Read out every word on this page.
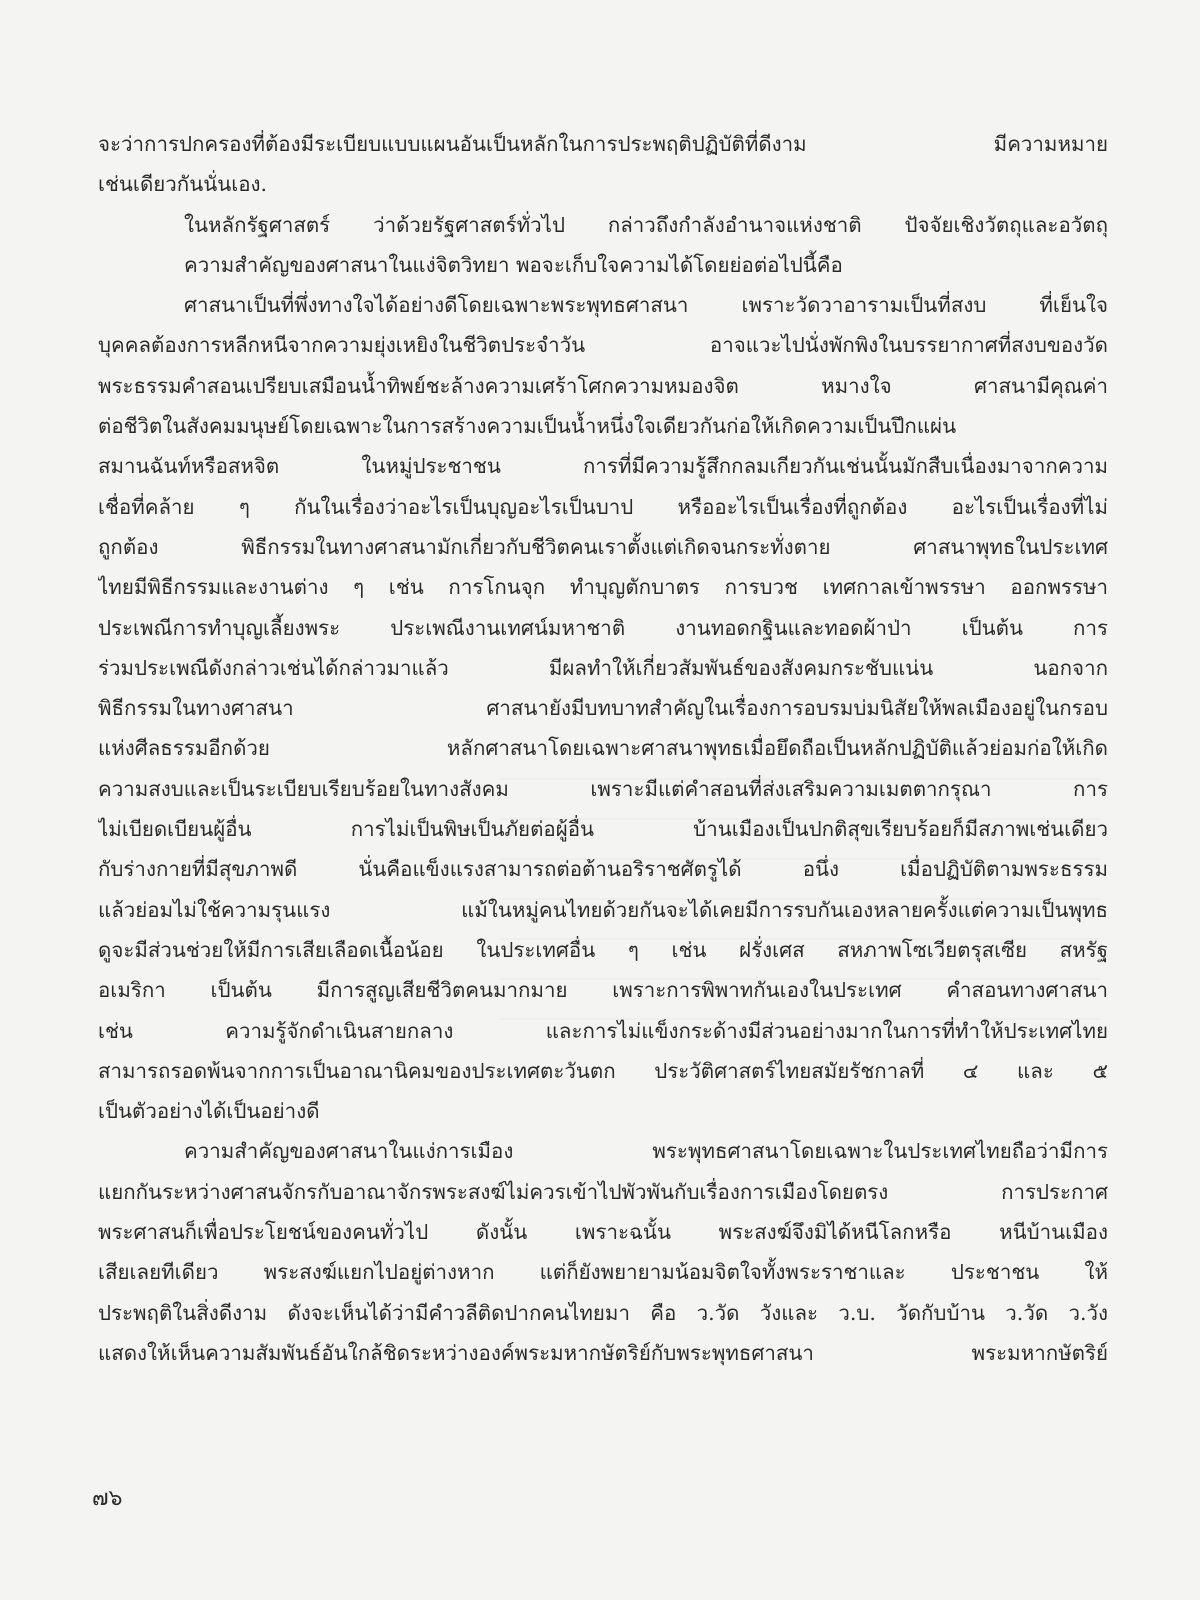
จะว่าการปกครองที่ต้องมีระเบียบแบบแผนอันเป็นหลักในการประพฤติปฏิบัติที่ดีงาม มีความหมาย
เช่นเดียวกันนั่นเอง.
ในหลักรัฐศาสตร์ ว่าด้วยรัฐศาสตร์ทั่วไป กล่าวถึงกำลังอำนาจแห่งชาติ ปัจจัยเชิงวัตถุและอวัตถุ
ความสำคัญของศาสนาในแง่จิตวิทยา พอจะเก็บใจความได้โดยย่อต่อไปนี้คือ
ศาสนาเป็นที่พึ่งทางใจได้อย่างดีโดยเฉพาะพระพุทธศาสนา เพราะวัดวาอารามเป็นที่สงบ ที่เย็นใจ
บุคคลต้องการหลีกหนีจากความยุ่งเหยิงในชีวิตประจำวัน อาจแวะไปนั่งพักพิงในบรรยากาศที่สงบของวัด
พระธรรมคำสอนเปรียบเสมือนน้ำทิพย์ชะล้างความเศร้าโศกความหมองจิต หมางใจ ศาสนามีคุณค่า
ต่อชีวิตในสังคมมนุษย์โดยเฉพาะในการสร้างความเป็นน้ำหนึ่งใจเดียวกันก่อให้เกิดความเป็นปึกแผ่น
สมานฉันท์หรือสหจิต ในหมู่ประชาชน การที่มีความรู้สึกกลมเกียวกันเช่นนั้นมักสืบเนื่องมาจากความ
เชื่อที่คล้าย ๆ กันในเรื่องว่าอะไรเป็นบุญอะไรเป็นบาป หรืออะไรเป็นเรื่องที่ถูกต้อง อะไรเป็นเรื่องที่ไม่
ถูกต้อง พิธีกรรมในทางศาสนามักเกี่ยวกับชีวิตคนเราตั้งแต่เกิดจนกระทั่งตาย ศาสนาพุทธในประเทศ
ไทยมีพิธีกรรมและงานต่าง ๆ เช่น การโกนจุก ทำบุญตักบาตร การบวช เทศกาลเข้าพรรษา ออกพรรษา
ประเพณีการทำบุญเลี้ยงพระ ประเพณีงานเทศน์มหาชาติ งานทอดกฐินและทอดผ้าป่า เป็นต้น การ
ร่วมประเพณีดังกล่าวเช่นได้กล่าวมาแล้ว มีผลทำให้เกี่ยวสัมพันธ์ของสังคมกระชับแน่น นอกจาก
พิธีกรรมในทางศาสนา ศาสนายังมีบทบาทสำคัญในเรื่องการอบรมบ่มนิสัยให้พลเมืองอยู่ในกรอบ
แห่งศีลธรรมอีกด้วย หลักศาสนาโดยเฉพาะศาสนาพุทธเมื่อยึดถือเป็นหลักปฏิบัติแล้วย่อมก่อให้เกิด
ความสงบและเป็นระเบียบเรียบร้อยในทางสังคม เพราะมีแต่คำสอนที่ส่งเสริมความเมตตากรุณา การ
ไม่เบียดเบียนผู้อื่น การไม่เป็นพิษเป็นภัยต่อผู้อื่น บ้านเมืองเป็นปกติสุขเรียบร้อยก็มีสภาพเช่นเดียว
กับร่างกายที่มีสุขภาพดี นั่นคือแข็งแรงสามารถต่อต้านอริราชศัตรูได้ อนึ่ง เมื่อปฏิบัติตามพระธรรม
แล้วย่อมไม่ใช้ความรุนแรง แม้ในหมู่คนไทยด้วยกันจะได้เคยมีการรบกันเองหลายครั้งแต่ความเป็นพุทธ
ดูจะมีส่วนช่วยให้มีการเสียเลือดเนื้อน้อย ในประเทศอื่น ๆ เช่น ฝรั่งเศส สหภาพโซเวียตรุสเซีย สหรัฐ
อเมริกา เป็นต้น มีการสูญเสียชีวิตคนมากมาย เพราะการพิพาทกันเองในประเทศ คำสอนทางศาสนา
เช่น ความรู้จักดำเนินสายกลาง และการไม่แข็งกระด้างมีส่วนอย่างมากในการที่ทำให้ประเทศไทย
สามารถรอดพ้นจากการเป็นอาณานิคมของประเทศตะวันตก ประวัติศาสตร์ไทยสมัยรัชกาลที่ ๔ และ ๕
เป็นตัวอย่างได้เป็นอย่างดี
ความสำคัญของศาสนาในแง่การเมือง พระพุทธศาสนาโดยเฉพาะในประเทศไทยถือว่ามีการ
แยกกันระหว่างศาสนจักรกับอาณาจักรพระสงฆ์ไม่ควรเข้าไปพัวพันกับเรื่องการเมืองโดยตรง การประกาศ
พระศาสนก็เพื่อประโยชน์ของคนทั่วไป ดังนั้น เพราะฉนั้น พระสงฆ์จึงมิได้หนีโลกหรือ หนีบ้านเมือง
เสียเลยทีเดียว พระสงฆ์แยกไปอยู่ต่างหาก แต่ก็ยังพยายามน้อมจิตใจทั้งพระราชาและ ประชาชน ให้
ประพฤติในสิ่งดีงาม ดังจะเห็นได้ว่ามีคำวลีติดปากคนไทยมา คือ ว.วัด วังและ ว.บ. วัดกับบ้าน ว.วัด ว.วัง
แสดงให้เห็นความสัมพันธ์อันใกล้ชิดระหว่างองค์พระมหากษัตริย์กับพระพุทธศาสนา พระมหากษัตริย์
๗๖
